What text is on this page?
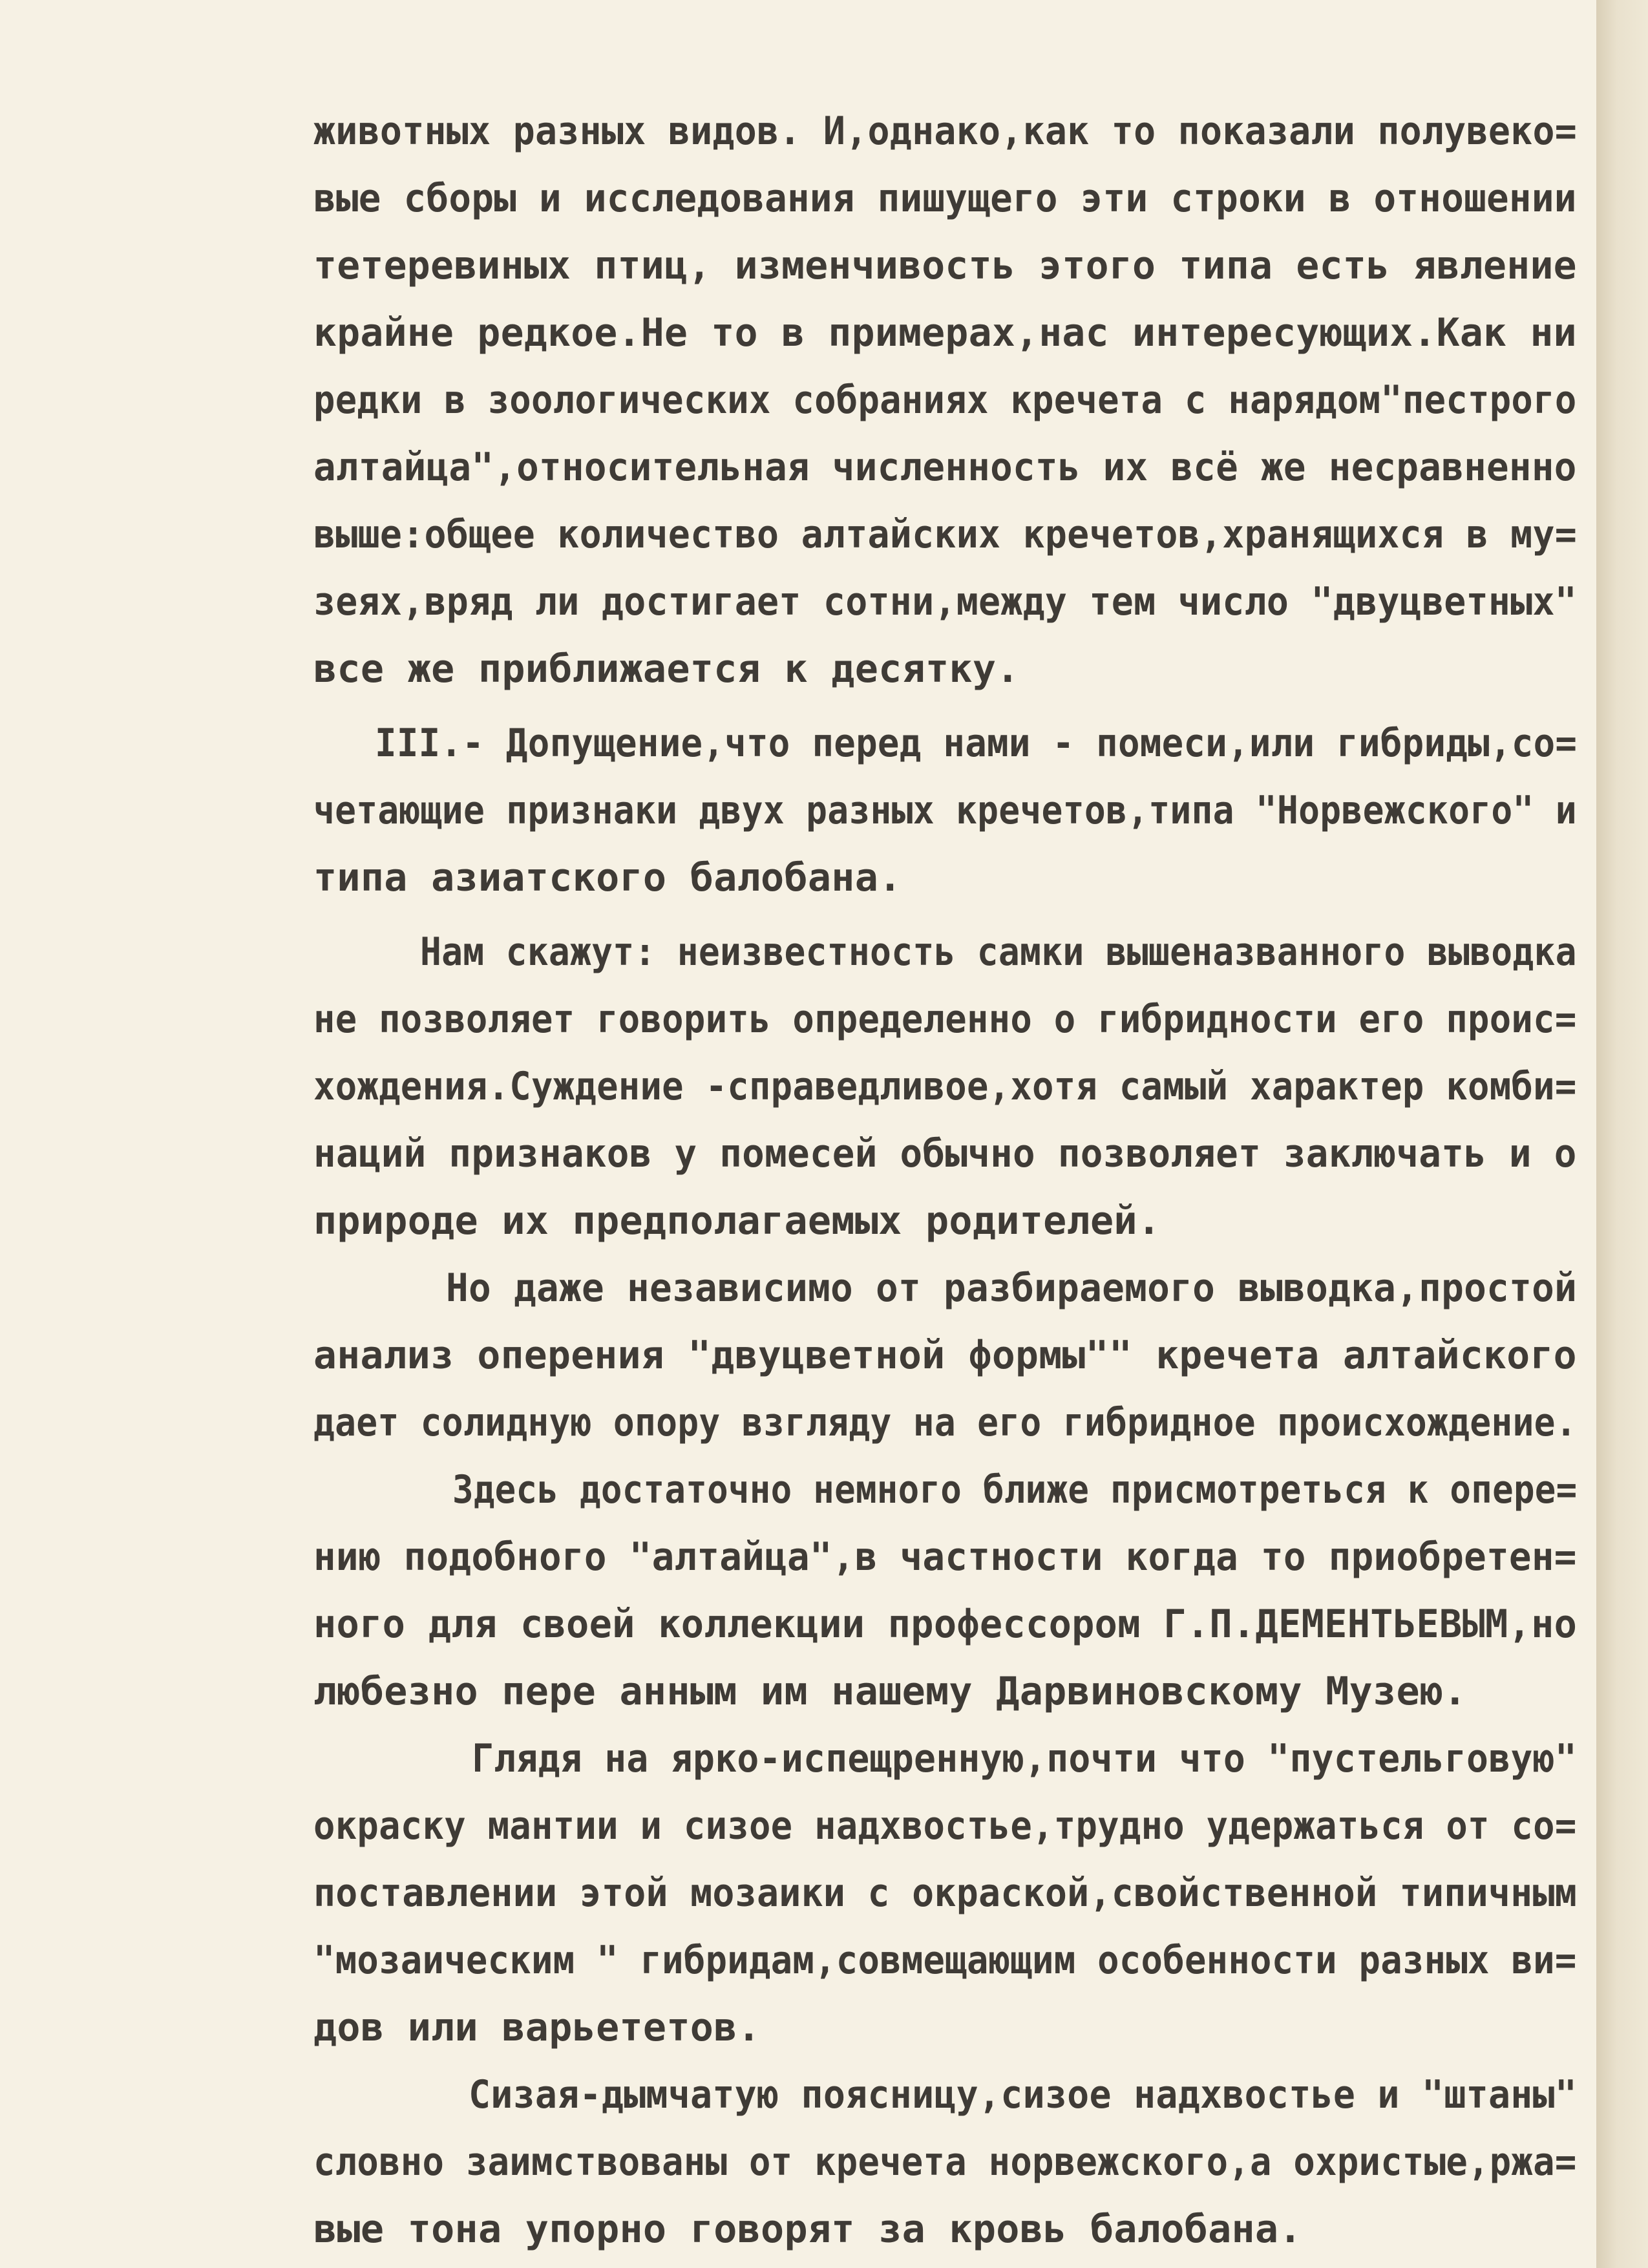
животных разных видов. И,однако,как то показали полувеко=
вые сборы и исследования пишущего эти строки в отношении
тетеревиных птиц, изменчивость этого типа есть явление
крайне редкое.Не то в примерах,нас интересующих.Как ни
редки в зоологических собраниях кречета с нарядом"пестрого
алтайца",относительная численность их всё же несравненно
выше:общее количество алтайских кречетов,хранящихся в му=
зеях,вряд ли достигает сотни,между тем число "двуцветных"
все же приближается к десятку.
III.- Допущение,что перед нами - помеси,или гибриды,со=
четающие признаки двух разных кречетов,типа "Норвежского" и
типа азиатского балобана.
Нам скажут: неизвестность самки вышеназванного выводка
не позволяет говорить определенно о гибридности его проис=
хождения.Суждение -справедливое,хотя самый характер комби=
наций признаков у помесей обычно позволяет заключать и о
природе их предполагаемых родителей.
Но даже независимо от разбираемого выводка,простой
анализ оперения "двуцветной формы"" кречета алтайского
дает солидную опору взгляду на его гибридное происхождение.
Здесь достаточно немного ближе присмотреться к опере=
нию подобного "алтайца",в частности когда то приобретен=
ного для своей коллекции профессором Г.П.ДЕМЕНТЬЕВЫМ,но
любезно пере анным им нашему Дарвиновскому Музею.
Глядя на ярко-испещренную,почти что "пустельговую"
окраску мантии и сизое надхвостье,трудно удержаться от со=
поставлении этой мозаики с окраской,свойственной типичным
"мозаическим " гибридам,совмещающим особенности разных ви=
дов или варьететов.
Сизая-дымчатую поясницу,сизое надхвостье и "штаны"
словно заимствованы от кречета норвежского,а охристые,ржа=
вые тона упорно говорят за кровь балобана.
